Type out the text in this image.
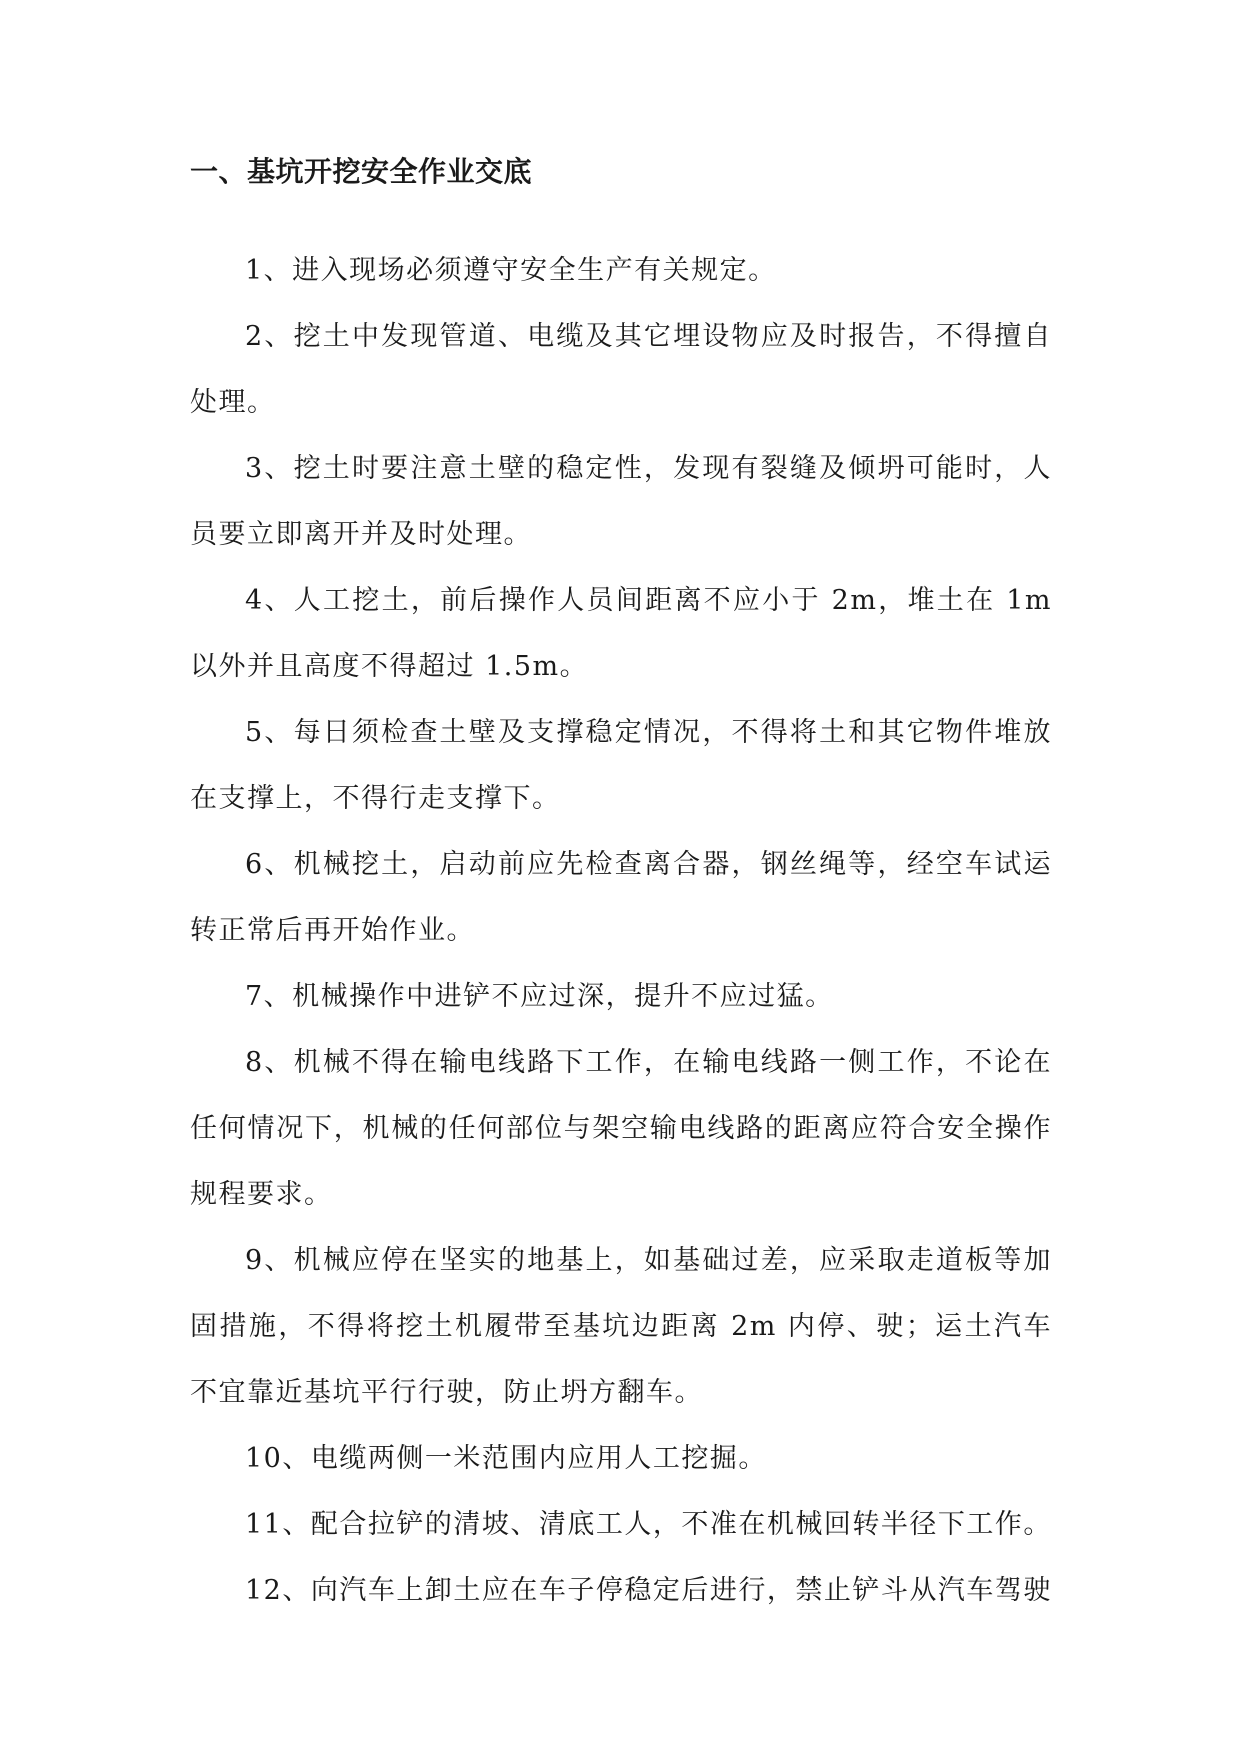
一、基坑开挖安全作业交底

1、进入现场必须遵守安全生产有关规定。

2、挖土中发现管道、电缆及其它埋设物应及时报告，不得擅自处理。

3、挖土时要注意土壁的稳定性，发现有裂缝及倾坍可能时，人员要立即离开并及时处理。

4、人工挖土，前后操作人员间距离不应小于 2m，堆土在 1m 以外并且高度不得超过 1.5m。

5、每日须检查土壁及支撑稳定情况，不得将土和其它物件堆放在支撑上，不得行走支撑下。

6、机械挖土，启动前应先检查离合器，钢丝绳等，经空车试运转正常后再开始作业。

7、机械操作中进铲不应过深，提升不应过猛。

8、机械不得在输电线路下工作，在输电线路一侧工作，不论在任何情况下，机械的任何部位与架空输电线路的距离应符合安全操作规程要求。

9、机械应停在坚实的地基上，如基础过差，应采取走道板等加固措施，不得将挖土机履带至基坑边距离 2m 内停、驶；运土汽车不宜靠近基坑平行行驶，防止坍方翻车。

10、电缆两侧一米范围内应用人工挖掘。

11、配合拉铲的清坡、清底工人，不准在机械回转半径下工作。

12、向汽车上卸土应在车子停稳定后进行，禁止铲斗从汽车驾驶
